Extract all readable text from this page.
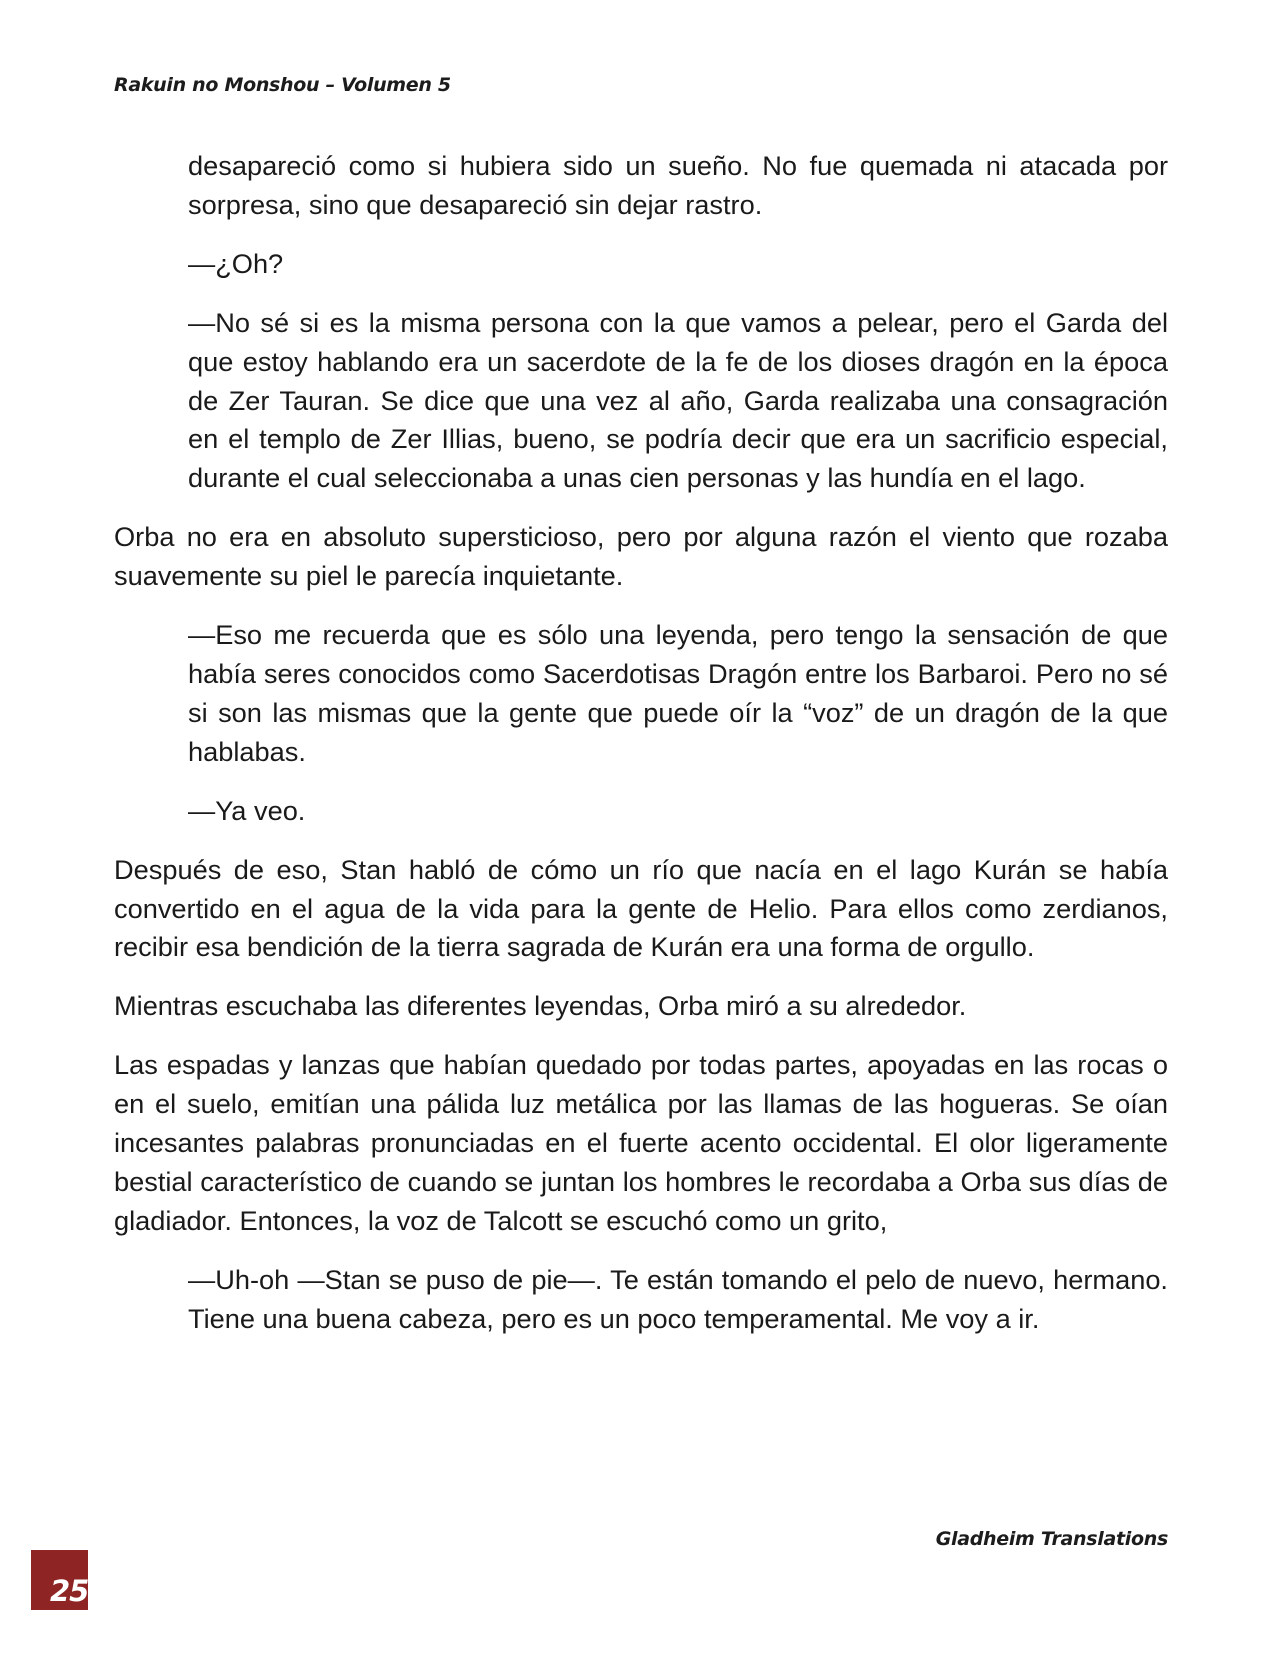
Rakuin no Monshou – Volumen 5

desapareció como si hubiera sido un sueño. No fue quemada ni atacada por sorpresa, sino que desapareció sin dejar rastro.

—¿Oh?

—No sé si es la misma persona con la que vamos a pelear, pero el Garda del que estoy hablando era un sacerdote de la fe de los dioses dragón en la época de Zer Tauran. Se dice que una vez al año, Garda realizaba una consagración en el templo de Zer Illias, bueno, se podría decir que era un sacrificio especial, durante el cual seleccionaba a unas cien personas y las hundía en el lago.

Orba no era en absoluto supersticioso, pero por alguna razón el viento que rozaba suavemente su piel le parecía inquietante.

—Eso me recuerda que es sólo una leyenda, pero tengo la sensación de que había seres conocidos como Sacerdotisas Dragón entre los Barbaroi. Pero no sé si son las mismas que la gente que puede oír la “voz” de un dragón de la que hablabas.

—Ya veo.

Después de eso, Stan habló de cómo un río que nacía en el lago Kurán se había convertido en el agua de la vida para la gente de Helio. Para ellos como zerdianos, recibir esa bendición de la tierra sagrada de Kurán era una forma de orgullo.

Mientras escuchaba las diferentes leyendas, Orba miró a su alrededor.

Las espadas y lanzas que habían quedado por todas partes, apoyadas en las rocas o en el suelo, emitían una pálida luz metálica por las llamas de las hogueras. Se oían incesantes palabras pronunciadas en el fuerte acento occidental. El olor ligeramente bestial característico de cuando se juntan los hombres le recordaba a Orba sus días de gladiador. Entonces, la voz de Talcott se escuchó como un grito,

—Uh-oh —Stan se puso de pie—. Te están tomando el pelo de nuevo, hermano. Tiene una buena cabeza, pero es un poco temperamental. Me voy a ir.

Gladheim Translations
25
